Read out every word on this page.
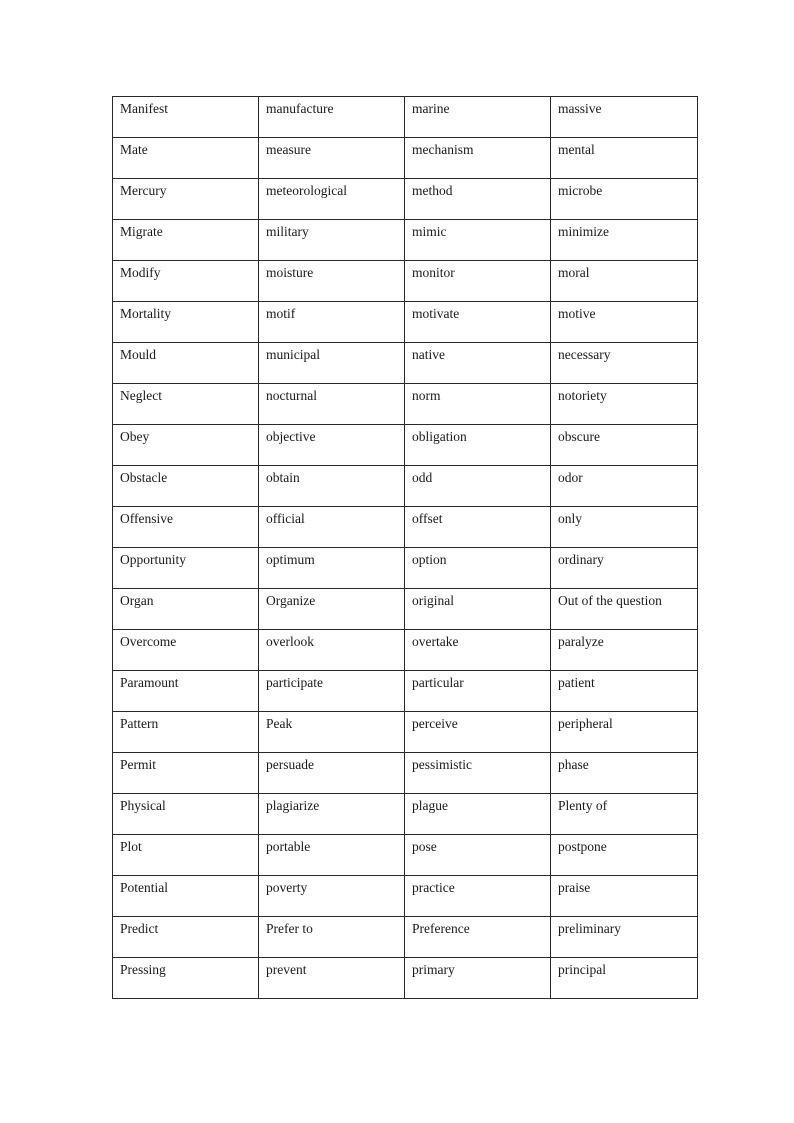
Manifest	manufacture	marine	massive
Mate	measure	mechanism	mental
Mercury	meteorological	method	microbe
Migrate	military	mimic	minimize
Modify	moisture	monitor	moral
Mortality	motif	motivate	motive
Mould	municipal	native	necessary
Neglect	nocturnal	norm	notoriety
Obey	objective	obligation	obscure
Obstacle	obtain	odd	odor
Offensive	official	offset	only
Opportunity	optimum	option	ordinary
Organ	Organize	original	Out of the question
Overcome	overlook	overtake	paralyze
Paramount	participate	particular	patient
Pattern	Peak	perceive	peripheral
Permit	persuade	pessimistic	phase
Physical	plagiarize	plague	Plenty of
Plot	portable	pose	postpone
Potential	poverty	practice	praise
Predict	Prefer to	Preference	preliminary
Pressing	prevent	primary	principal
